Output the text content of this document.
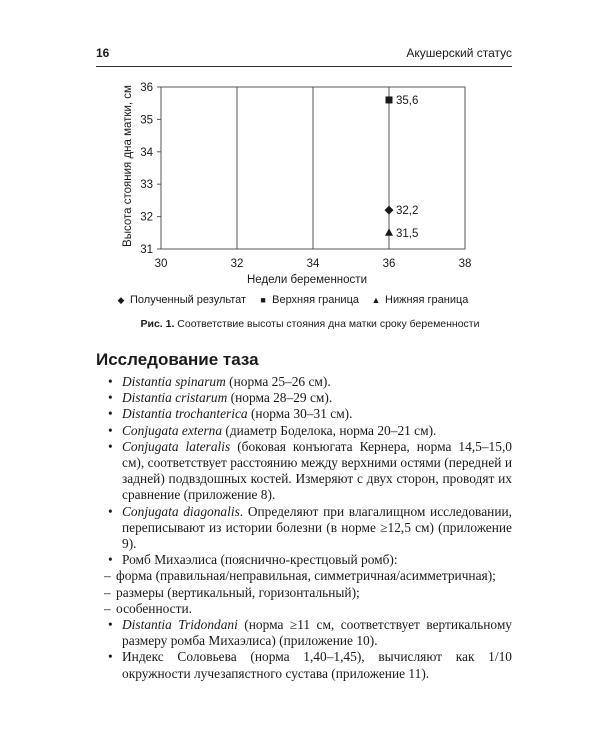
16	Акушерский статус
30	32	34	36	38
31
32
33
34
35
36
Недели беременности
Высота стояния дна матки, см	32,2
35,6
31,5
◆ Полученный результат ■ Верхняя граница ▲ Нижняя граница
Рис. 1. Соответствие высоты стояния дна матки сроку беременности
Исследование таза
• Distantia spinarum (норма 25–26 см).
• Distantia cristarum (норма 28–29 см).
• Distantia trochanterica (норма 30–31 см).
• Conjugata externa (диаметр Боделока, норма 20–21 см).
• Conjugata lateralis (боковая конъюгата Кернера, норма 14,5–15,0 см), соответствует расстоянию между верхними остями (передней и задней) подвздошных костей. Измеряют с двух сторон, проводят их сравнение (приложение 8).
• Conjugata diagonalis. Определяют при влагалищном исследовании, переписывают из истории болезни (в норме ≥12,5 см) (приложение 9).
• Ромб Михаэлиса (пояснично-крестцовый ромб):
– форма (правильная/неправильная, симметричная/асимметричная);
– размеры (вертикальный, горизонтальный);
– особенности.
• Distantia Tridondani (норма ≥11 см, соответствует вертикальному размеру ромба Михаэлиса) (приложение 10).
• Индекс Соловьева (норма 1,40–1,45), вычисляют как 1/10 окружности лучезапястного сустава (приложение 11).
